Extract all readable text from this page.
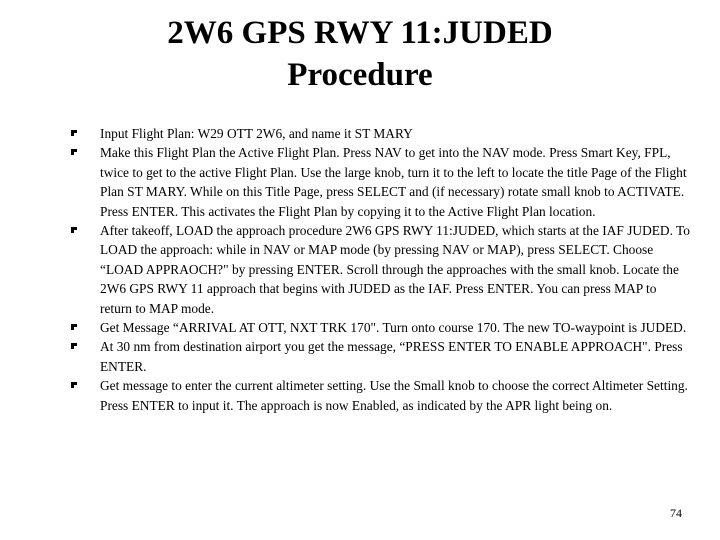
2W6 GPS RWY 11:JUDED
Procedure
Input Flight Plan: W29 OTT 2W6, and name it ST MARY
Make this Flight Plan the Active Flight Plan. Press NAV to get into the NAV mode. Press Smart Key, FPL, twice to get to the active Flight Plan. Use the large knob, turn it to the left to locate the title Page of the Flight Plan ST MARY. While on this Title Page, press SELECT and (if necessary) rotate small knob to ACTIVATE. Press ENTER. This activates the Flight Plan by copying it to the Active Flight Plan location.
After takeoff, LOAD the approach procedure 2W6 GPS RWY 11:JUDED, which starts at the IAF JUDED. To LOAD the approach: while in NAV or MAP mode (by pressing NAV or MAP), press SELECT. Choose “LOAD APPRAOCH?" by pressing ENTER. Scroll through the approaches with the small knob. Locate the 2W6 GPS RWY 11 approach that begins with JUDED as the IAF. Press ENTER. You can press MAP to return to MAP mode.
Get Message “ARRIVAL AT OTT, NXT TRK 170". Turn onto course 170. The new TO-waypoint is JUDED.
At 30 nm from destination airport you get the message, “PRESS ENTER TO ENABLE APPROACH". Press ENTER.
Get message to enter the current altimeter setting. Use the Small knob to choose the correct Altimeter Setting. Press ENTER to input it. The approach is now Enabled, as indicated by the APR light being on.
74
